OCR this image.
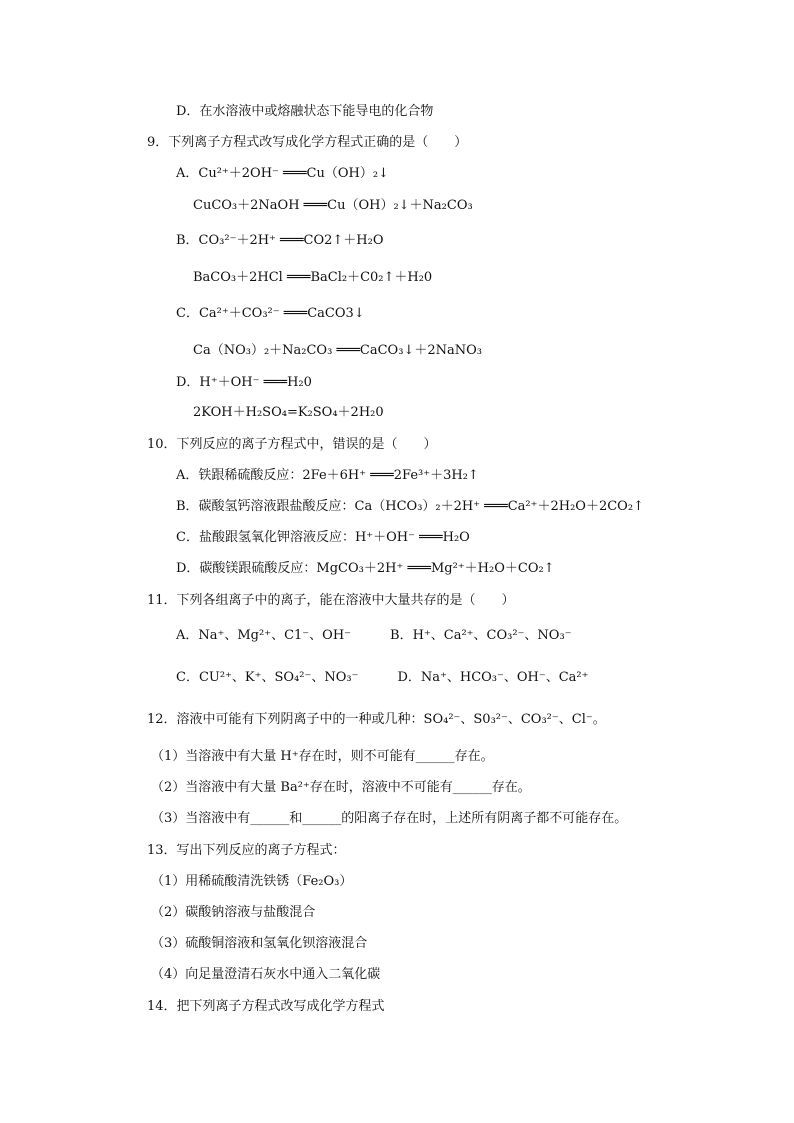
D．在水溶液中或熔融状态下能导电的化合物
9．下列离子方程式改写成化学方程式正确的是（　　）
A．Cu²⁺＋2OH⁻ ═══Cu（OH）₂↓
CuCO₃＋2NaOH ═══Cu（OH）₂↓＋Na₂CO₃
B．CO₃²⁻＋2H⁺ ═══CO2↑＋H₂O
BaCO₃＋2HCl ═══BaCl₂＋C0₂↑＋H₂0
C．Ca²⁺＋CO₃²⁻ ═══CaCO3↓
Ca（NO₃）₂＋Na₂CO₃ ═══CaCO₃↓＋2NaNO₃
D．H⁺＋OH⁻ ═══H₂0
2KOH＋H₂SO₄=K₂SO₄＋2H₂0
10．下列反应的离子方程式中，错误的是（　　）
A．铁跟稀硫酸反应：2Fe＋6H⁺ ═══2Fe³⁺＋3H₂↑
B．碳酸氢钙溶液跟盐酸反应：Ca（HCO₃）₂＋2H⁺ ═══Ca²⁺＋2H₂O＋2CO₂↑
C．盐酸跟氢氧化钾溶液反应：H⁺＋OH⁻ ═══H₂O
D．碳酸镁跟硫酸反应：MgCO₃＋2H⁺ ═══Mg²⁺＋H₂O＋CO₂↑
11．下列各组离子中的离子，能在溶液中大量共存的是（　　）
A．Na⁺、Mg²⁺、C1⁻、OH⁻　　　B．H⁺、Ca²⁺、CO₃²⁻、NO₃⁻
C．CU²⁺、K⁺、SO₄²⁻、NO₃⁻　　　D．Na⁺、HCO₃⁻、OH⁻、Ca²⁺
12．溶液中可能有下列阴离子中的一种或几种：SO₄²⁻、S0₃²⁻、CO₃²⁻、Cl⁻。
（1）当溶液中有大量 H⁺存在时，则不可能有______存在。
（2）当溶液中有大量 Ba²⁺存在时，溶液中不可能有______存在。
（3）当溶液中有______和______的阳离子存在时，上述所有阴离子都不可能存在。
13．写出下列反应的离子方程式：
（1）用稀硫酸清洗铁锈（Fe₂O₃）
（2）碳酸钠溶液与盐酸混合
（3）硫酸铜溶液和氢氧化钡溶液混合
（4）向足量澄清石灰水中通入二氧化碳
14．把下列离子方程式改写成化学方程式
